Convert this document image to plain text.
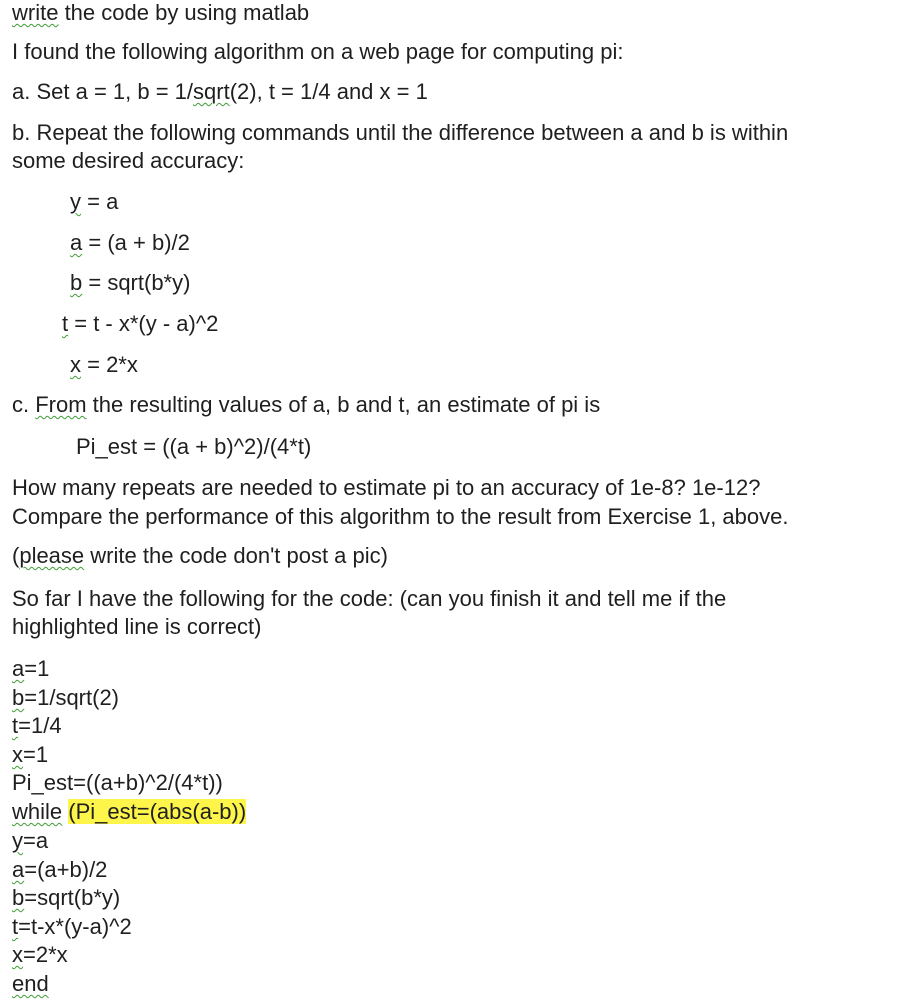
write the code by using matlab
I found the following algorithm on a web page for computing pi:
a. Set a = 1, b = 1/sqrt(2), t = 1/4 and x = 1
b. Repeat the following commands until the difference between a and b is within
some desired accuracy:
y = a
a = (a + b)/2
b = sqrt(b*y)
t = t - x*(y - a)^2
x = 2*x
c. From the resulting values of a, b and t, an estimate of pi is
Pi_est = ((a + b)^2)/(4*t)
How many repeats are needed to estimate pi to an accuracy of 1e-8? 1e-12?
Compare the performance of this algorithm to the result from Exercise 1, above.
(please write the code don't post a pic)
So far I have the following for the code: (can you finish it and tell me if the
highlighted line is correct)
a=1
b=1/sqrt(2)
t=1/4
x=1
Pi_est=((a+b)^2/(4*t))
while (Pi_est=(abs(a-b))
y=a
a=(a+b)/2
b=sqrt(b*y)
t=t-x*(y-a)^2
x=2*x
end
